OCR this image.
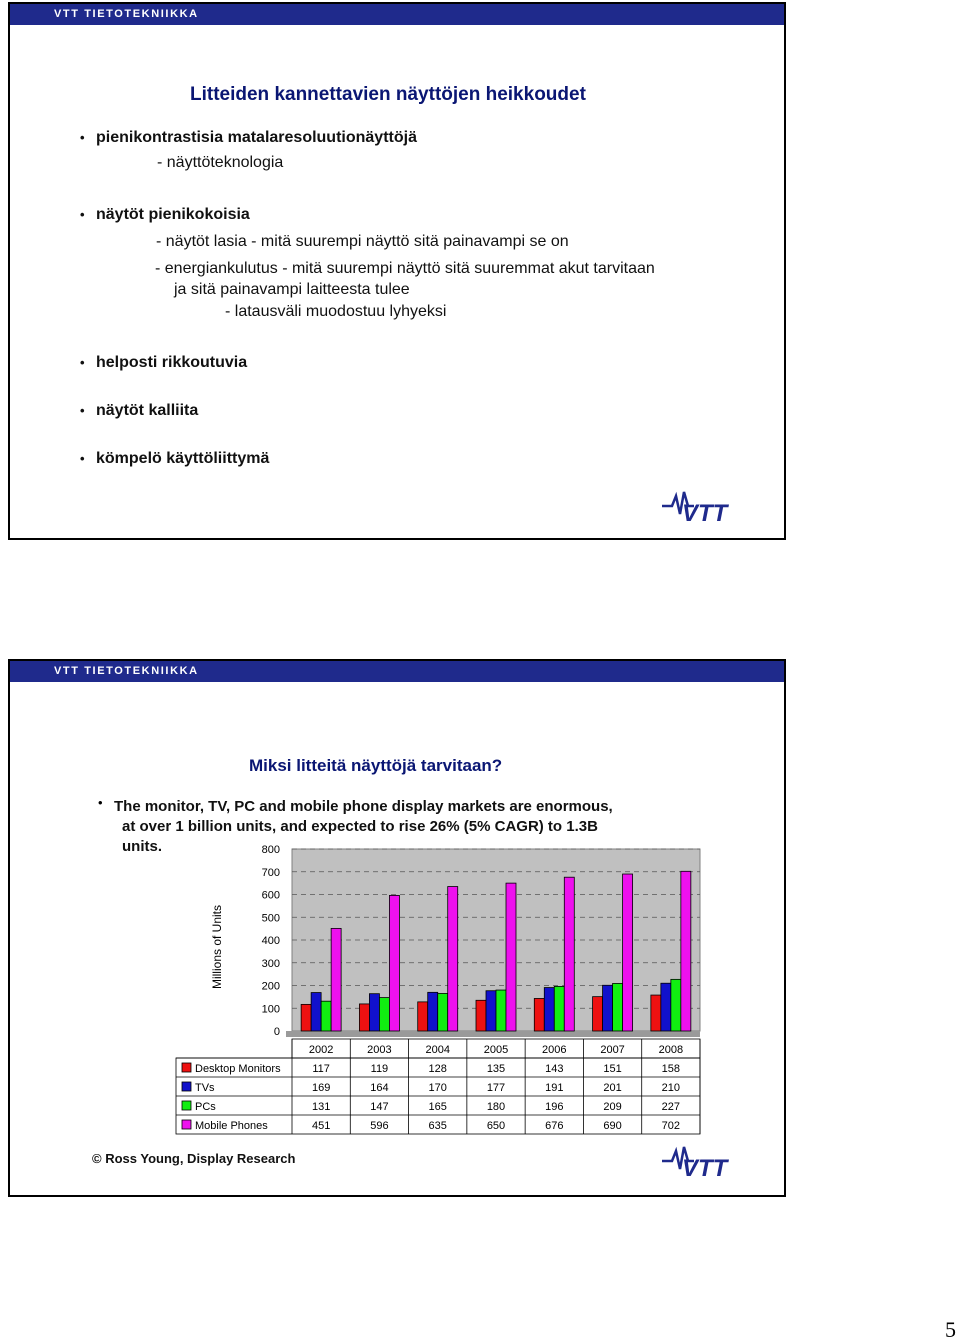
VTT TIETOTEKNIIKKA
Litteiden kannettavien näyttöjen heikkoudet
• pienikontrastisia matalaresoluutionäyttöjä
- näyttöteknologia
• näytöt pienikokoisia
- näytöt lasia - mitä suurempi näyttö sitä painavampi se on
- energiankulutus - mitä suurempi näyttö sitä suuremmat akut tarvitaan
ja sitä painavampi laitteesta tulee
- latausväli muodostuu lyhyeksi
• helposti rikkoutuvia
• näytöt kalliita
• kömpelö käyttöliittymä
VTT
VTT TIETOTEKNIIKKA
Miksi litteitä näyttöjä tarvitaan?
The monitor, TV, PC and mobile phone display markets are enormous,
at over 1 billion units, and expected to rise 26% (5% CAGR) to 1.3B
units.
•
0
100
200
300
400
500
600
700
800
Millions of Units
2002	2003	2004	2005	2006	2007	2008
Desktop Monitors	117	119	128	135	143	151	158
TVs	169	164	170	177	191	201	210
PCs	131	147	165	180	196	209	227
Mobile Phones	451	596	635	650	676	690	702
© Ross Young, Display Research	VTT
5
